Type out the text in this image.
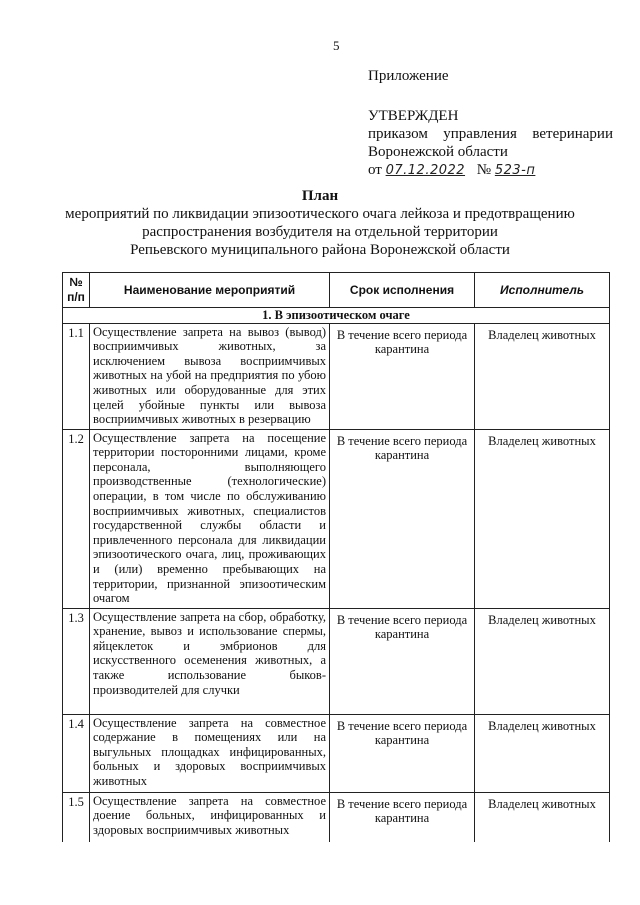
5
Приложение
УТВЕРЖДЕН
приказом управления ветеринарии
Воронежской области
от 07.12.2022 № 523-п
План
мероприятий по ликвидации эпизоотического очага лейкоза и предотвращению
распространения возбудителя на отдельной территории
Репьевского муниципального района Воронежской области
№ п/п	Наименование мероприятий	Срок исполнения	Исполнитель
1. В эпизоотическом очаге			
1.1	Осуществление запрета на вывоз (вывод) восприимчивых животных, за исключением вывоза восприимчивых животных на убой на предприятия по убою животных или оборудованные для этих целей убойные пункты или вывоза восприимчивых животных в резервацию	В течение всего периода карантина	Владелец животных
1.2	Осуществление запрета на посещение территории посторонними лицами, кроме персонала, выполняющего производственные (технологические) операции, в том числе по обслуживанию восприимчивых животных, специалистов государственной службы области и привлеченного персонала для ликвидации эпизоотического очага, лиц, проживающих и (или) временно пребывающих на территории, признанной эпизоотическим очагом	В течение всего периода карантина	Владелец животных
1.3	Осуществление запрета на сбор, обработку, хранение, вывоз и использование спермы, яйцеклеток и эмбрионов для искусственного осеменения животных, а также использование быков-производителей для случки	В течение всего периода карантина	Владелец животных
1.4	Осуществление запрета на совместное содержание в помещениях или на выгульных площадках инфицированных, больных и здоровых восприимчивых животных	В течение всего периода карантина	Владелец животных
1.5	Осуществление запрета на совместное доение больных, инфицированных и здоровых восприимчивых животных	В течение всего периода карантина	Владелец животных
